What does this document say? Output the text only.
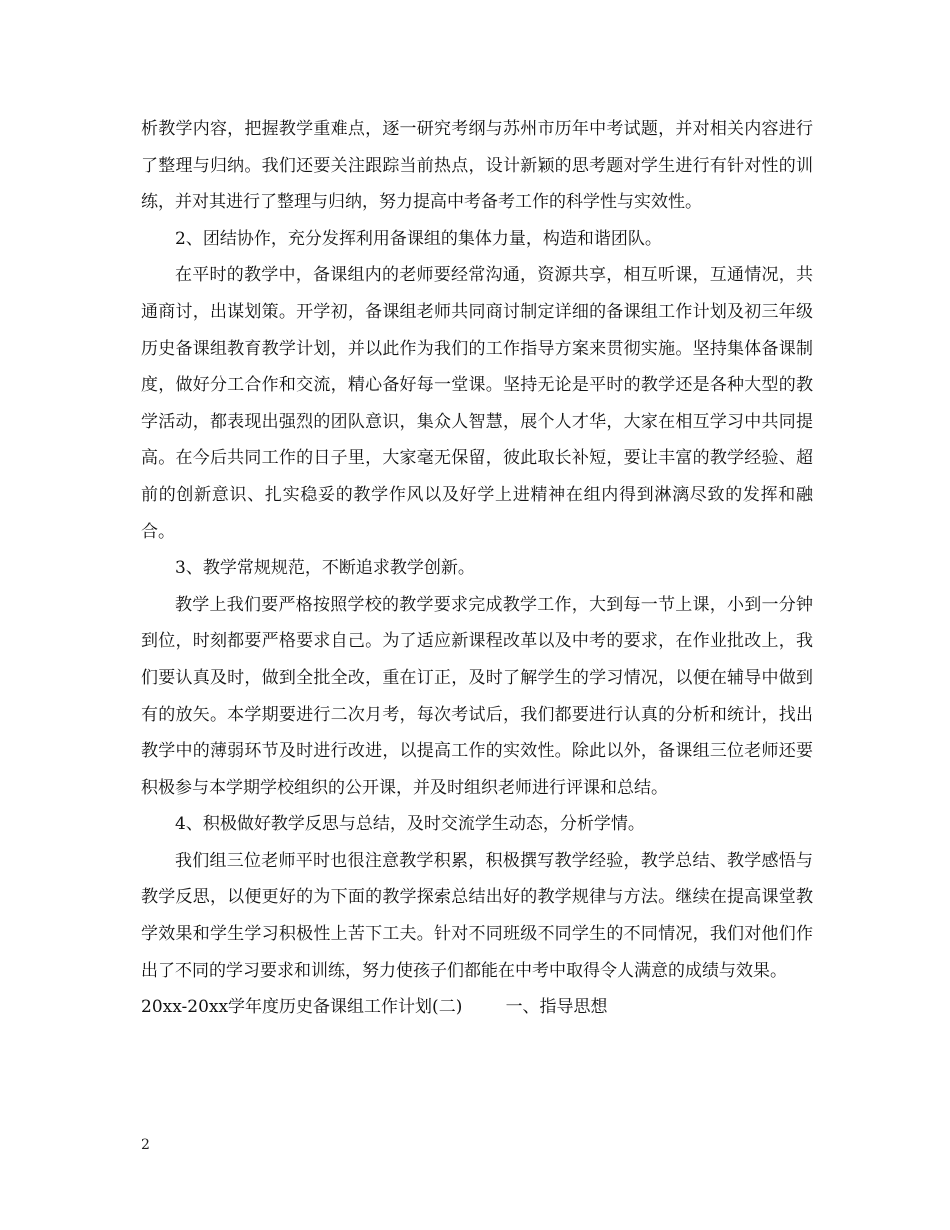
析教学内容，把握教学重难点，逐一研究考纲与苏州市历年中考试题，并对相关内容进行了整理与归纳。我们还要关注跟踪当前热点，设计新颖的思考题对学生进行有针对性的训练，并对其进行了整理与归纳，努力提高中考备考工作的科学性与实效性。

2、团结协作，充分发挥利用备课组的集体力量，构造和谐团队。

在平时的教学中，备课组内的老师要经常沟通，资源共享，相互听课，互通情况，共通商讨，出谋划策。开学初，备课组老师共同商讨制定详细的备课组工作计划及初三年级历史备课组教育教学计划，并以此作为我们的工作指导方案来贯彻实施。坚持集体备课制度，做好分工合作和交流，精心备好每一堂课。坚持无论是平时的教学还是各种大型的教学活动，都表现出强烈的团队意识，集众人智慧，展个人才华，大家在相互学习中共同提高。在今后共同工作的日子里，大家毫无保留，彼此取长补短，要让丰富的教学经验、超前的创新意识、扎实稳妥的教学作风以及好学上进精神在组内得到淋漓尽致的发挥和融合。

3、教学常规规范，不断追求教学创新。

教学上我们要严格按照学校的教学要求完成教学工作，大到每一节上课，小到一分钟到位，时刻都要严格要求自己。为了适应新课程改革以及中考的要求，在作业批改上，我们要认真及时，做到全批全改，重在订正，及时了解学生的学习情况，以便在辅导中做到有的放矢。本学期要进行二次月考，每次考试后，我们都要进行认真的分析和统计，找出教学中的薄弱环节及时进行改进，以提高工作的实效性。除此以外，备课组三位老师还要积极参与本学期学校组织的公开课，并及时组织老师进行评课和总结。

4、积极做好教学反思与总结，及时交流学生动态，分析学情。

我们组三位老师平时也很注意教学积累，积极撰写教学经验，教学总结、教学感悟与教学反思，以便更好的为下面的教学探索总结出好的教学规律与方法。继续在提高课堂教学效果和学生学习积极性上苦下工夫。针对不同班级不同学生的不同情况，我们对他们作出了不同的学习要求和训练，努力使孩子们都能在中考中取得令人满意的成绩与效果。

20xx-20xx学年度历史备课组工作计划(二)	一、指导思想

2
